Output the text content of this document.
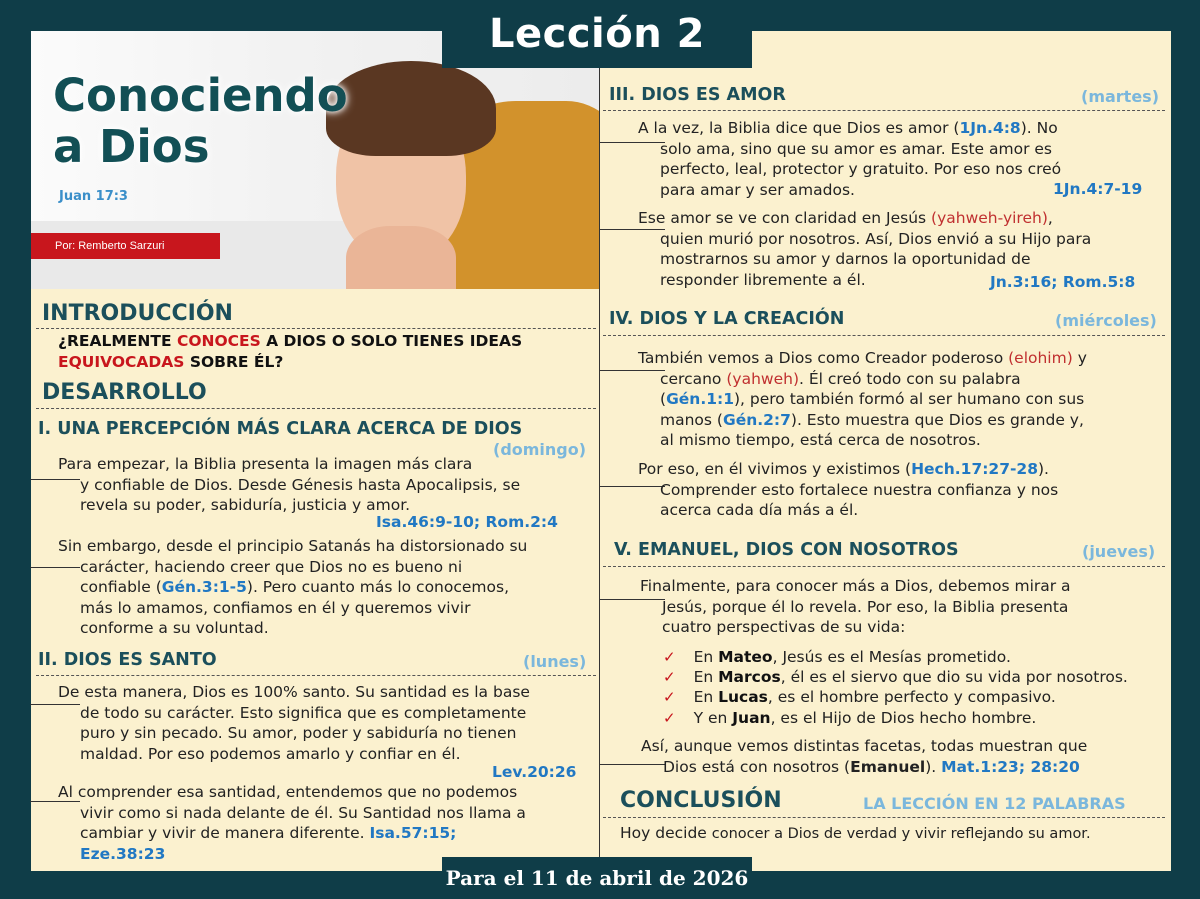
Conociendo
a Dios
Juan 17:3
Por: Remberto Sarzuri
Lección 2
INTRODUCCIÓN
¿REALMENTE CONOCES A DIOS O SOLO TIENES IDEAS
EQUIVOCADAS SOBRE ÉL?
DESARROLLO
I. UNA PERCEPCIÓN MÁS CLARA ACERCA DE DIOS
(domingo)
Para empezar, la Biblia presenta la imagen más clara
y confiable de Dios. Desde Génesis hasta Apocalipsis, se
revela su poder, sabiduría, justicia y amor.
Isa.46:9-10; Rom.2:4
Sin embargo, desde el principio Satanás ha distorsionado su
carácter, haciendo creer que Dios no es bueno ni
confiable (Gén.3:1-5). Pero cuanto más lo conocemos,
más lo amamos, confiamos en él y queremos vivir
conforme a su voluntad.
II. DIOS ES SANTO	(lunes)
De esta manera, Dios es 100% santo. Su santidad es la base
de todo su carácter. Esto significa que es completamente
puro y sin pecado. Su amor, poder y sabiduría no tienen
maldad. Por eso podemos amarlo y confiar en él.
Lev.20:26
Al comprender esa santidad, entendemos que no podemos
vivir como si nada delante de él. Su Santidad nos llama a
cambiar y vivir de manera diferente. Isa.57:15;
Eze.38:23
III. DIOS ES AMOR	(martes)
A la vez, la Biblia dice que Dios es amor (1Jn.4:8). No
solo ama, sino que su amor es amar. Este amor es
perfecto, leal, protector y gratuito. Por eso nos creó
para amar y ser amados.	1Jn.4:7-19
Ese amor se ve con claridad en Jesús (yahweh-yireh),
quien murió por nosotros. Así, Dios envió a su Hijo para
mostrarnos su amor y darnos la oportunidad de
responder libremente a él.	Jn.3:16; Rom.5:8
IV. DIOS Y LA CREACIÓN	(miércoles)
También vemos a Dios como Creador poderoso (elohim) y
cercano (yahweh). Él creó todo con su palabra
(Gén.1:1), pero también formó al ser humano con sus
manos (Gén.2:7). Esto muestra que Dios es grande y,
al mismo tiempo, está cerca de nosotros.
Por eso, en él vivimos y existimos (Hech.17:27-28).
Comprender esto fortalece nuestra confianza y nos
acerca cada día más a él.
V. EMANUEL, DIOS CON NOSOTROS	(jueves)
Finalmente, para conocer más a Dios, debemos mirar a
Jesús, porque él lo revela. Por eso, la Biblia presenta
cuatro perspectivas de su vida:
✓ En Mateo, Jesús es el Mesías prometido.
✓ En Marcos, él es el siervo que dio su vida por nosotros.
✓ En Lucas, es el hombre perfecto y compasivo.
✓ Y en Juan, es el Hijo de Dios hecho hombre.
Así, aunque vemos distintas facetas, todas muestran que
Dios está con nosotros (Emanuel). Mat.1:23; 28:20
CONCLUSIÓN	LA LECCIÓN EN 12 PALABRAS
Hoy decide conocer a Dios de verdad y vivir reflejando su amor.
Para el 11 de abril de 2026
